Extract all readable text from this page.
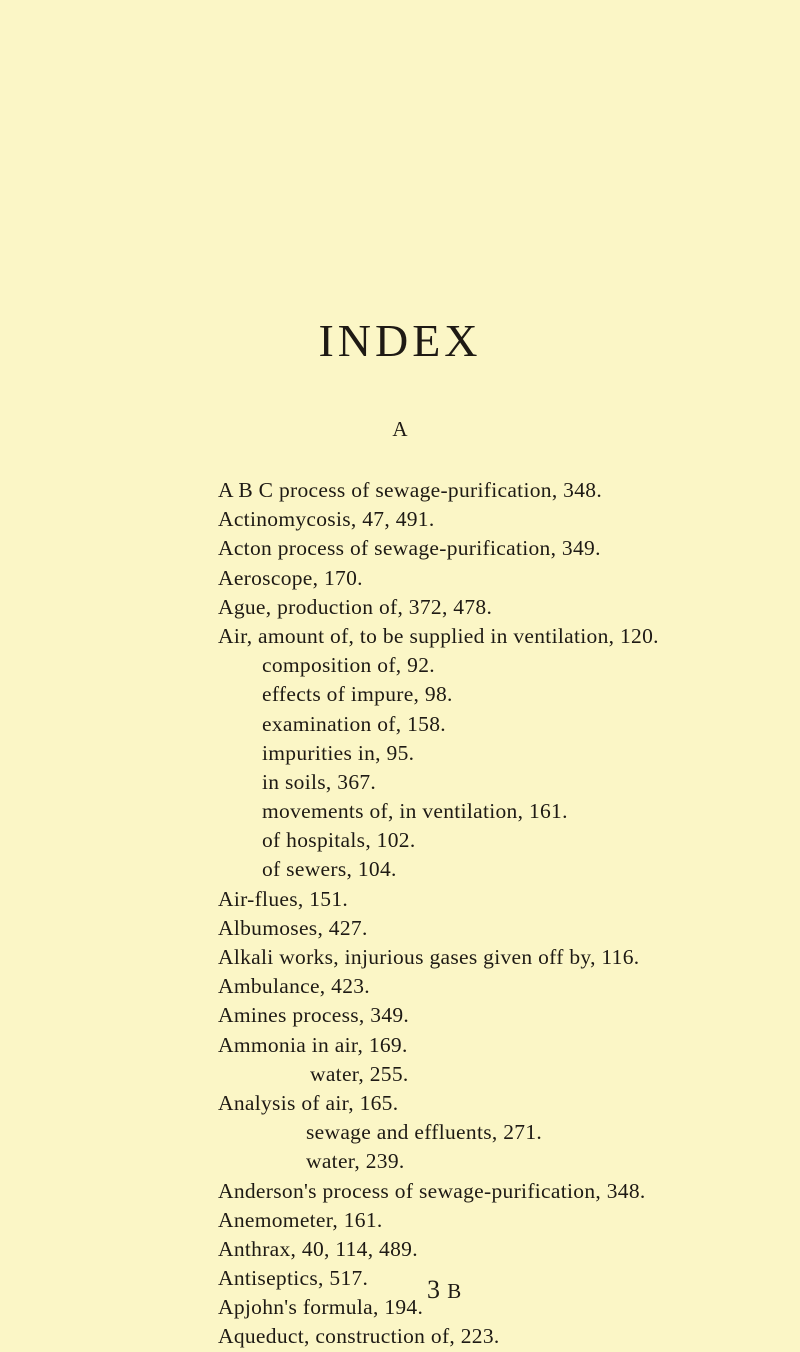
INDEX
A
A B C process of sewage-purification, 348.
Actinomycosis, 47, 491.
Acton process of sewage-purification, 349.
Aeroscope, 170.
Ague, production of, 372, 478.
Air, amount of, to be supplied in ventilation, 120.
composition of, 92.
effects of impure, 98.
examination of, 158.
impurities in, 95.
in soils, 367.
movements of, in ventilation, 161.
of hospitals, 102.
of sewers, 104.
Air-flues, 151.
Albumoses, 427.
Alkali works, injurious gases given off by, 116.
Ambulance, 423.
Amines process, 349.
Ammonia in air, 169.
water, 255.
Analysis of air, 165.
sewage and effluents, 271.
water, 239.
Anderson's process of sewage-purification, 348.
Anemometer, 161.
Anthrax, 40, 114, 489.
Antiseptics, 517.
Apjohn's formula, 194.
Aqueduct, construction of, 223.
3 B
